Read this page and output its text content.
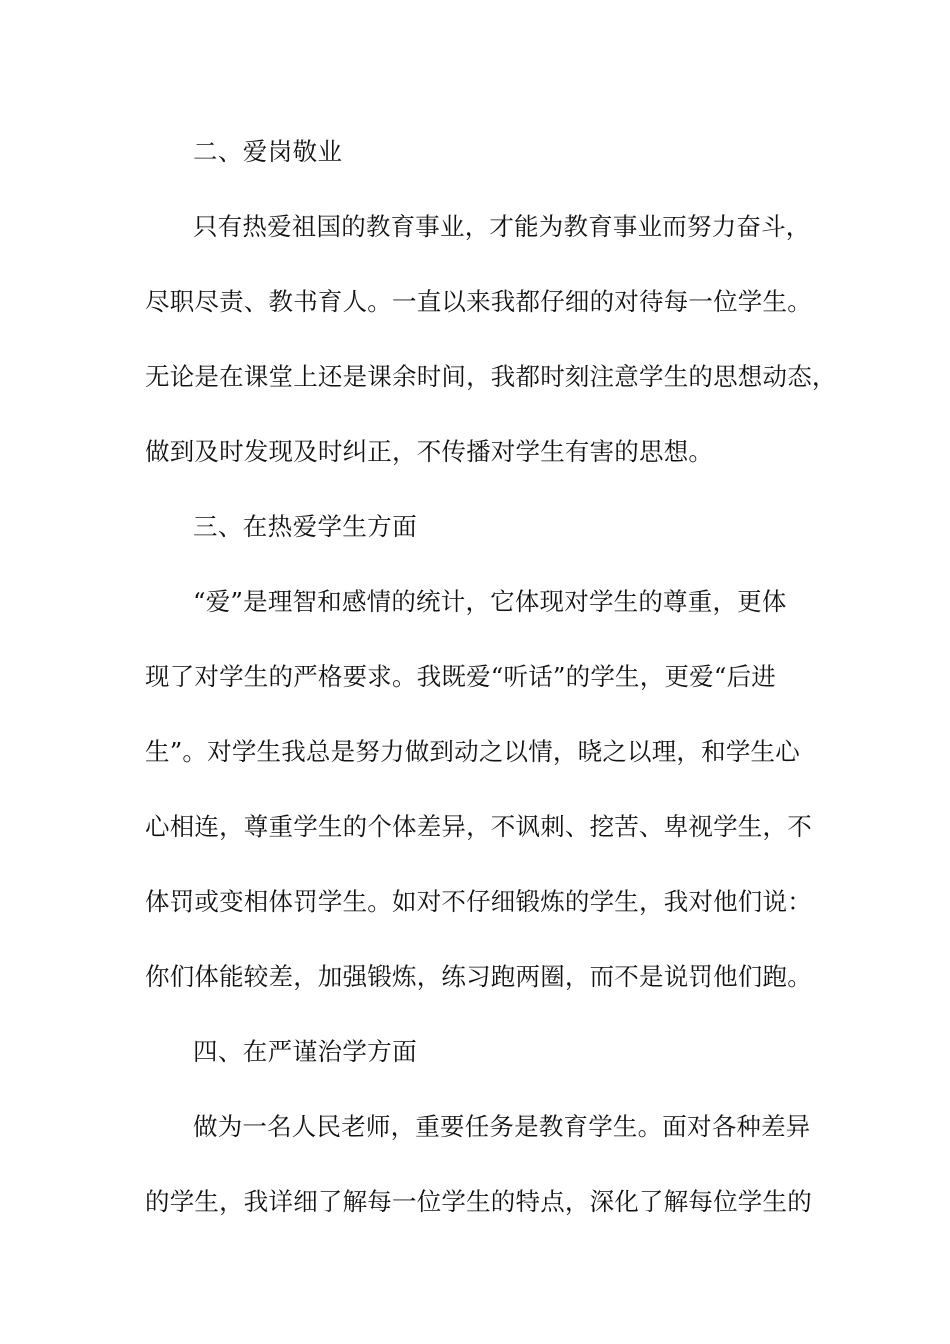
二、爱岗敬业
只有热爱祖国的教育事业，才能为教育事业而努力奋斗，
尽职尽责、教书育人。一直以来我都仔细的对待每一位学生。
无论是在课堂上还是课余时间，我都时刻注意学生的思想动态，
做到及时发现及时纠正，不传播对学生有害的思想。
三、在热爱学生方面
“爱”是理智和感情的统计，它体现对学生的尊重，更体
现了对学生的严格要求。我既爱“听话”的学生，更爱“后进
生”。对学生我总是努力做到动之以情，晓之以理，和学生心
心相连，尊重学生的个体差异，不讽刺、挖苦、卑视学生，不
体罚或变相体罚学生。如对不仔细锻炼的学生，我对他们说：
你们体能较差，加强锻炼，练习跑两圈，而不是说罚他们跑。
四、在严谨治学方面
做为一名人民老师，重要任务是教育学生。面对各种差异
的学生，我详细了解每一位学生的特点，深化了解每位学生的
